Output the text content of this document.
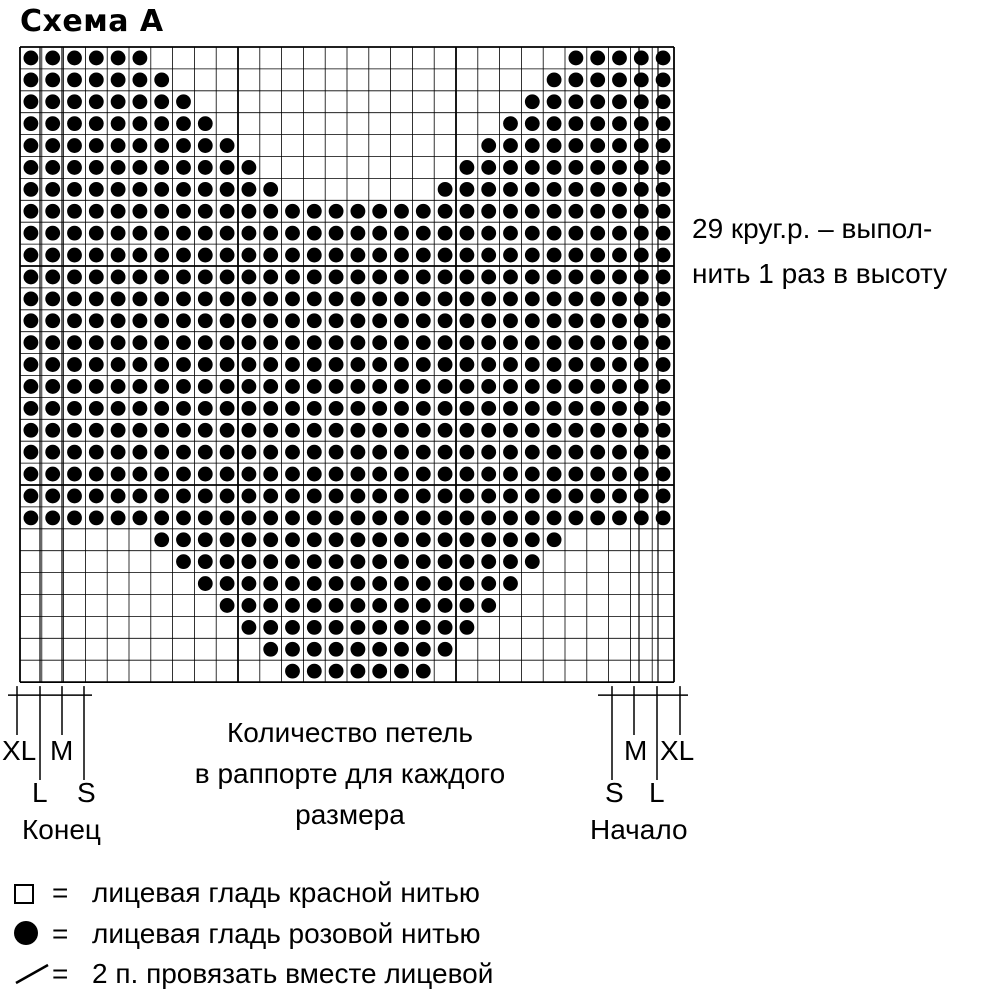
Схема А
29 круг.р. – выпол-
нить 1 раз в высоту
Количество петель
в раппорте для каждого
размера
XL M
L S
Конец
M XL
S L
Начало
= лицевая гладь красной нитью
= лицевая гладь розовой нитью
= 2 п. провязать вместе лицевой
